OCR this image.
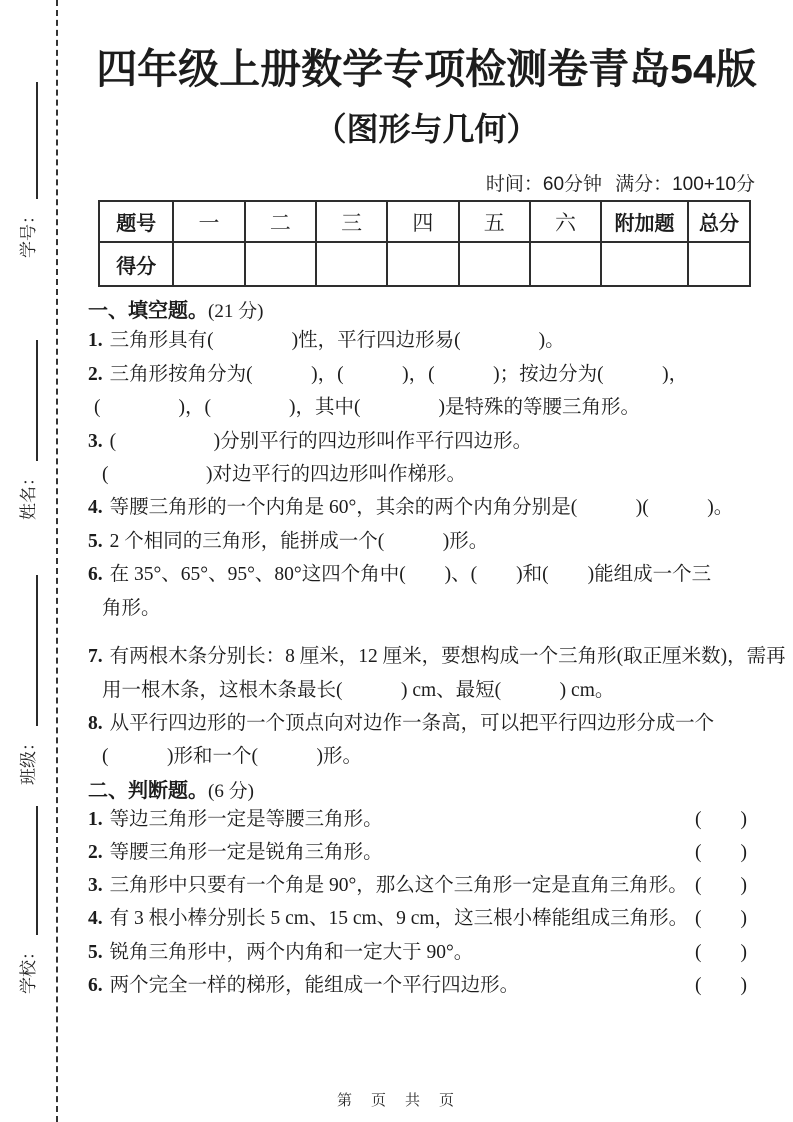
学号：
姓名：
班级：
学校：
四年级上册数学专项检测卷青岛54版
（图形与几何）
时间：60分钟 满分：100+10分
题号	一	二	三	四	五	六	附加题	总分
得分								
一、填空题。(21 分)
1. 三角形具有(　　　　)性，平行四边形易(　　　　)。
2. 三角形按角分为(　　　)，(　　　)，(　　　)；按边分为(　　　)，
(　　　　)，(　　　　)，其中(　　　　)是特殊的等腰三角形。
3. (　　　　　)分别平行的四边形叫作平行四边形。
(　　　　　)对边平行的四边形叫作梯形。
4. 等腰三角形的一个内角是 60°，其余的两个内角分别是(　　　)(　　　)。
5. 2 个相同的三角形，能拼成一个(　　　)形。
6. 在 35°、65°、95°、80°这四个角中(　　)、(　　)和(　　)能组成一个三
角形。
7. 有两根木条分别长：8 厘米，12 厘米，要想构成一个三角形(取正厘米数)，需再
用一根木条，这根木条最长(　　　) cm、最短(　　　) cm。
8. 从平行四边形的一个顶点向对边作一条高，可以把平行四边形分成一个
(　　　)形和一个(　　　)形。
二、判断题。(6 分)
1. 等边三角形一定是等腰三角形。	(　　)
2. 等腰三角形一定是锐角三角形。	(　　)
3. 三角形中只要有一个角是 90°，那么这个三角形一定是直角三角形。 (　　)
4. 有 3 根小棒分别长 5 cm、15 cm、9 cm，这三根小棒能组成三角形。 (　　)
5. 锐角三角形中，两个内角和一定大于 90°。	(　　)
6. 两个完全一样的梯形，能组成一个平行四边形。	(　　)
第　页　共　页
